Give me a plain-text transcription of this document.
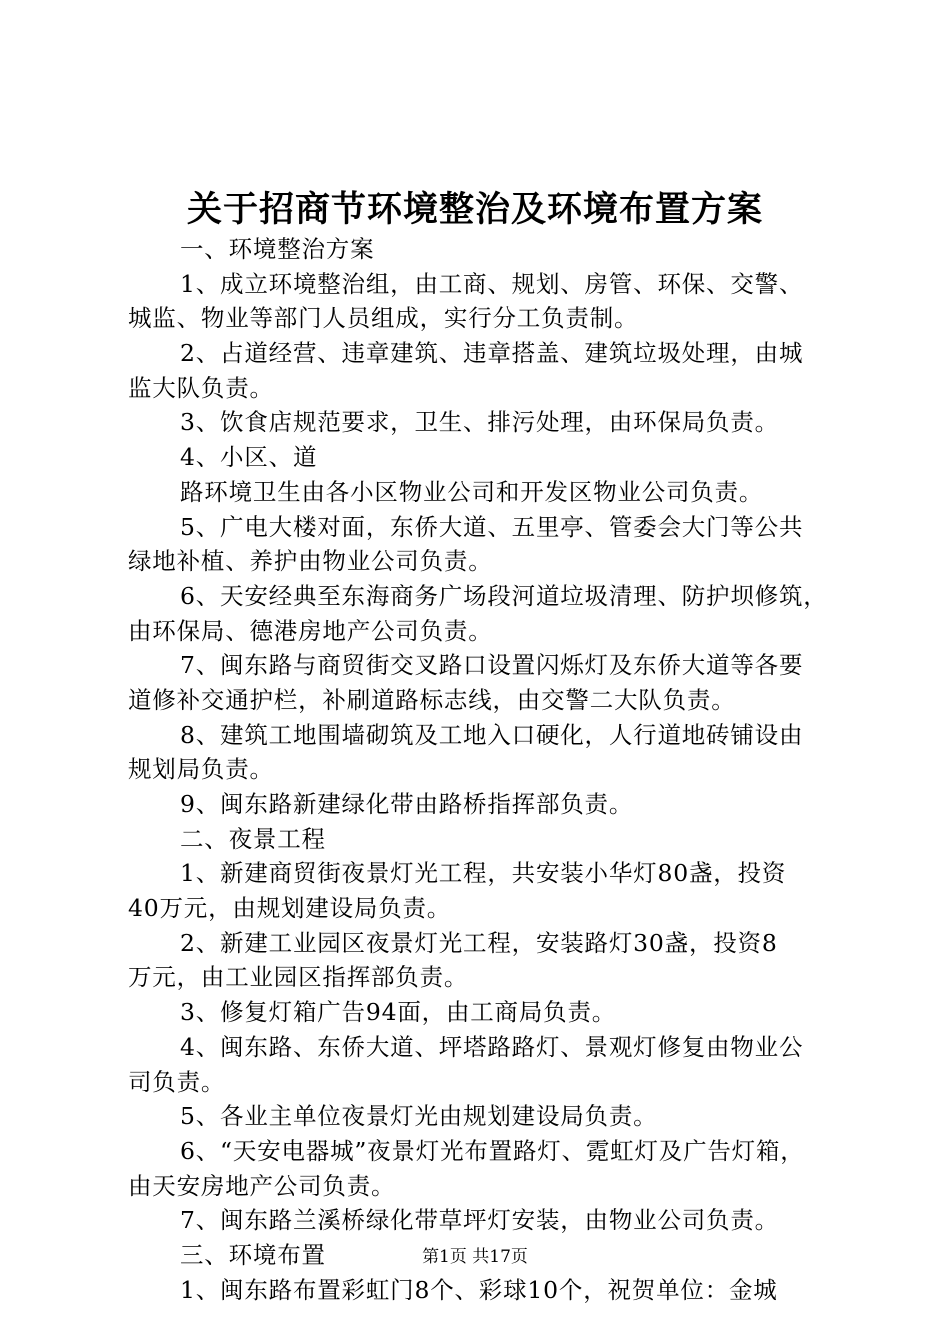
关于招商节环境整治及环境布置方案
一、环境整治方案
1、成立环境整治组，由工商、规划、房管、环保、交警、
城监、物业等部门人员组成，实行分工负责制。
2、占道经营、违章建筑、违章搭盖、建筑垃圾处理，由城
监大队负责。
3、饮食店规范要求，卫生、排污处理，由环保局负责。
4、小区、道
路环境卫生由各小区物业公司和开发区物业公司负责。
5、广电大楼对面，东侨大道、五里亭、管委会大门等公共
绿地补植、养护由物业公司负责。
6、天安经典至东海商务广场段河道垃圾清理、防护坝修筑，
由环保局、德港房地产公司负责。
7、闽东路与商贸街交叉路口设置闪烁灯及东侨大道等各要
道修补交通护栏，补刷道路标志线，由交警二大队负责。
8、建筑工地围墙砌筑及工地入口硬化，人行道地砖铺设由
规划局负责。
9、闽东路新建绿化带由路桥指挥部负责。
二、夜景工程
1、新建商贸街夜景灯光工程，共安装小华灯80盏，投资
40万元，由规划建设局负责。
2、新建工业园区夜景灯光工程，安装路灯30盏，投资8
万元，由工业园区指挥部负责。
3、修复灯箱广告94面，由工商局负责。
4、闽东路、东侨大道、坪塔路路灯、景观灯修复由物业公
司负责。
5、各业主单位夜景灯光由规划建设局负责。
6、“天安电器城”夜景灯光布置路灯、霓虹灯及广告灯箱，
由天安房地产公司负责。
7、闽东路兰溪桥绿化带草坪灯安装，由物业公司负责。
三、环境布置
1、闽东路布置彩虹门8个、彩球10个，祝贺单位：金城
第1页 共17页
